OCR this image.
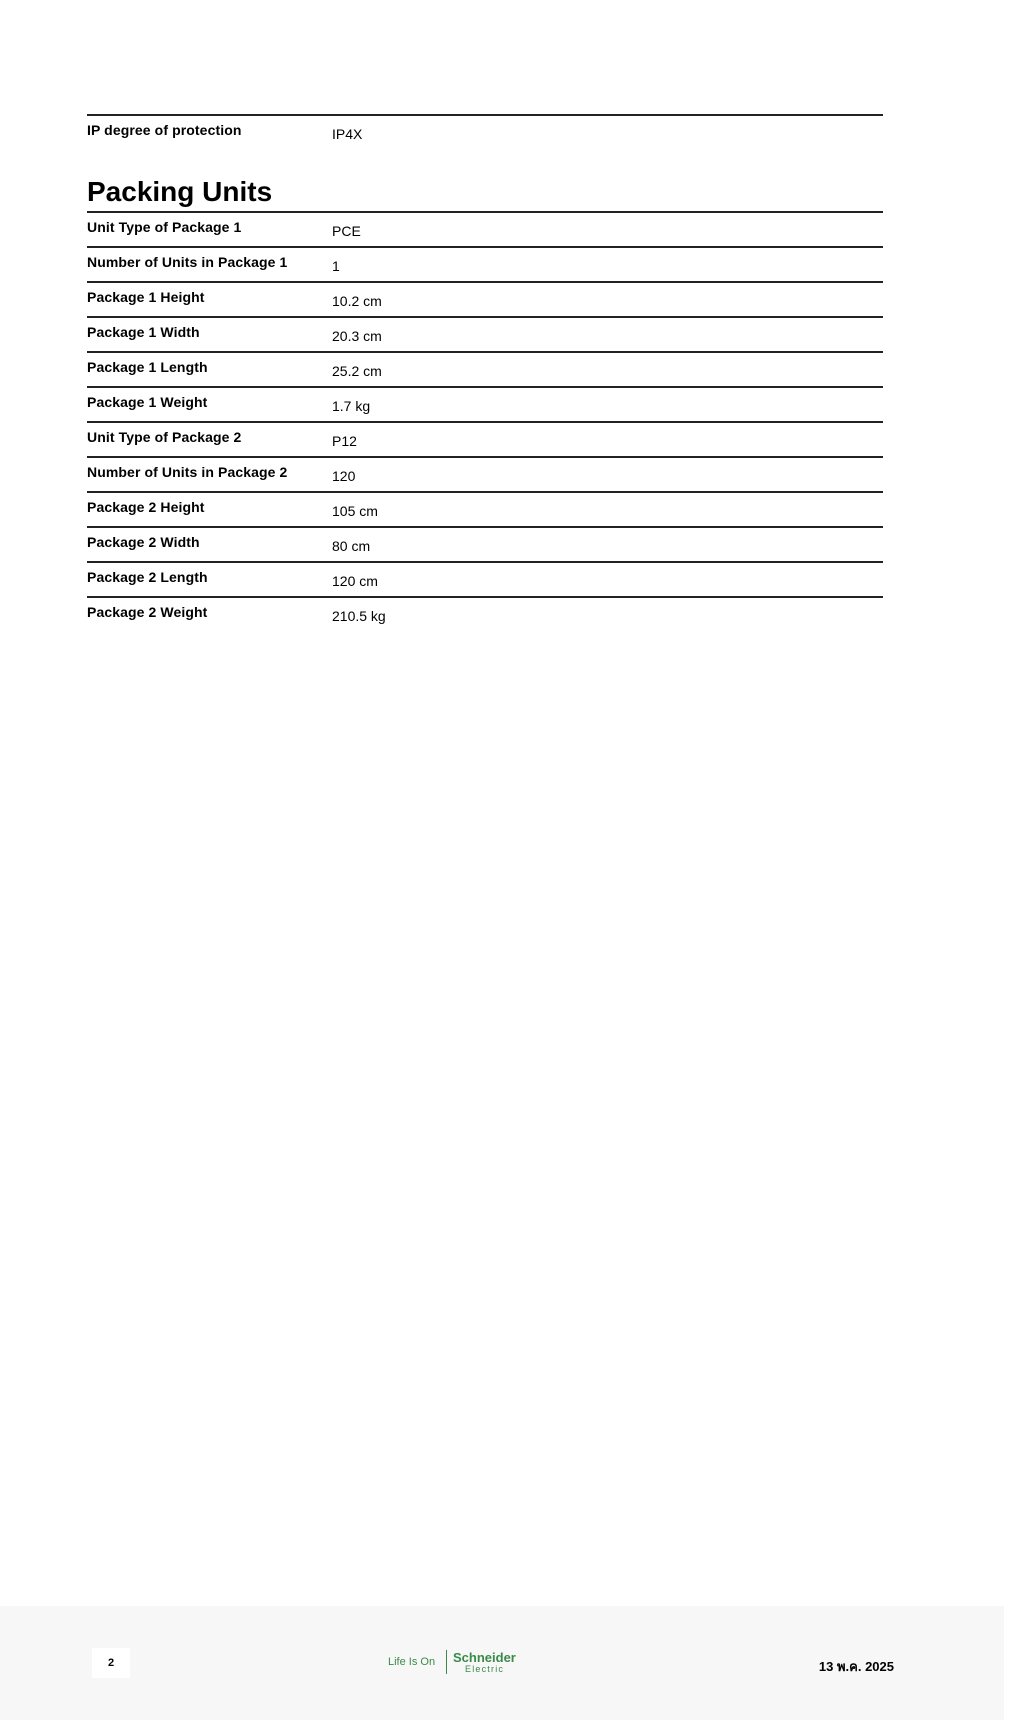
IP degree of protection	IP4X
Packing Units
Unit Type of Package 1	PCE
Number of Units in Package 1	1
Package 1 Height	10.2 cm
Package 1 Width	20.3 cm
Package 1 Length	25.2 cm
Package 1 Weight	1.7 kg
Unit Type of Package 2	P12
Number of Units in Package 2	120
Package 2 Height	105 cm
Package 2 Width	80 cm
Package 2 Length	120 cm
Package 2 Weight	210.5 kg
2	Life Is On Schneider
Electric	13 พ.ค. 2025
